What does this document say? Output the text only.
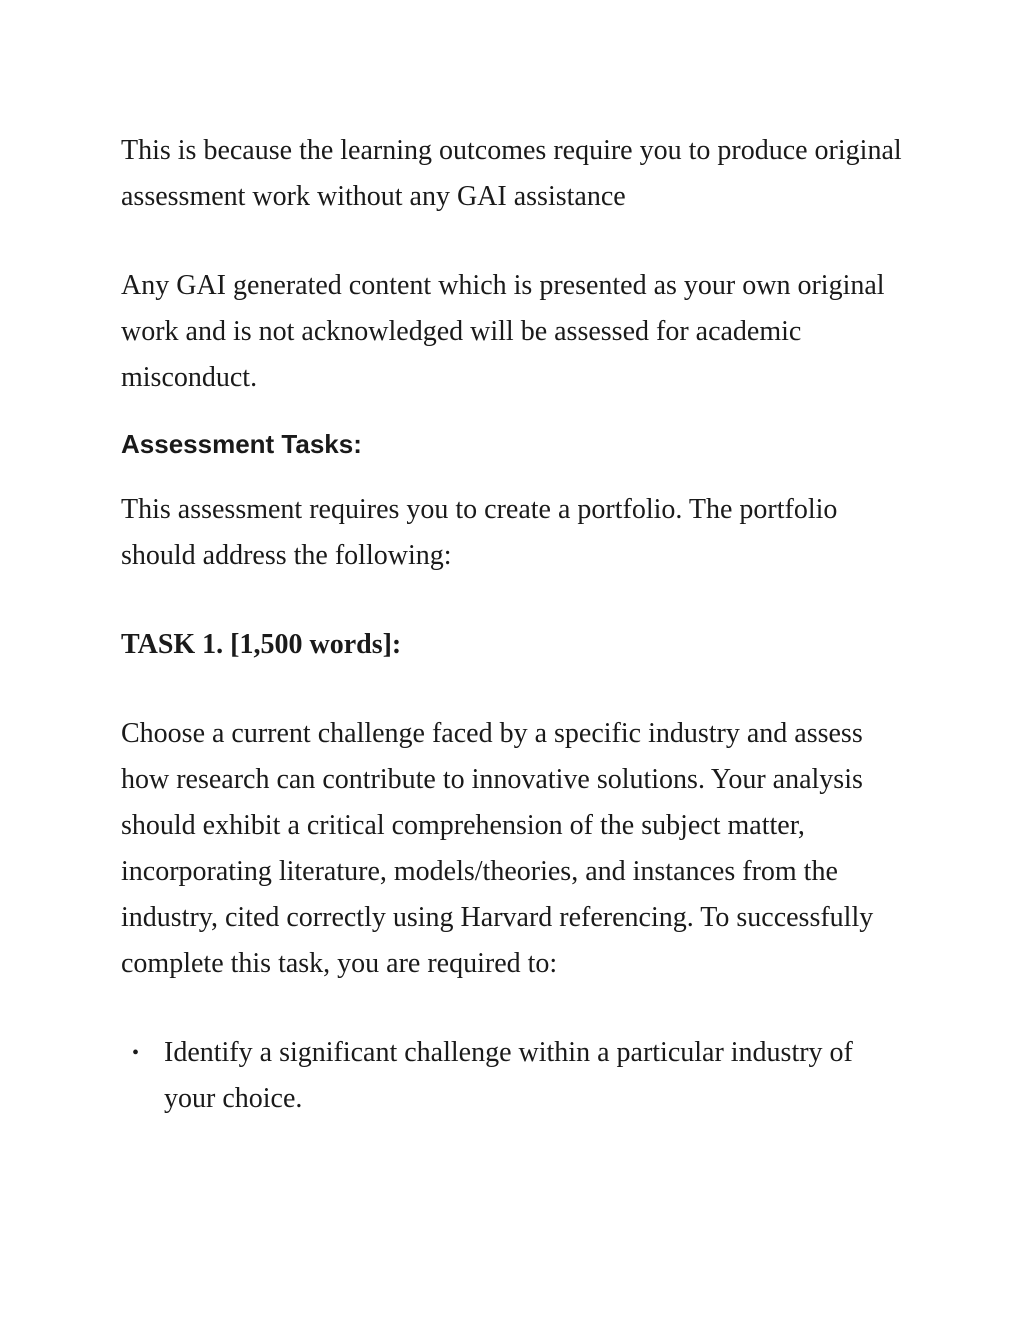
This is because the learning outcomes require you to produce original assessment work without any GAI assistance

Any GAI generated content which is presented as your own original work and is not acknowledged will be assessed for academic misconduct.

Assessment Tasks:

This assessment requires you to create a portfolio. The portfolio should address the following:

TASK 1. [1,500 words]:

Choose a current challenge faced by a specific industry and assess how research can contribute to innovative solutions. Your analysis should exhibit a critical comprehension of the subject matter, incorporating literature, models/theories, and instances from the industry, cited correctly using Harvard referencing. To successfully complete this task, you are required to:

• Identify a significant challenge within a particular industry of your choice.
